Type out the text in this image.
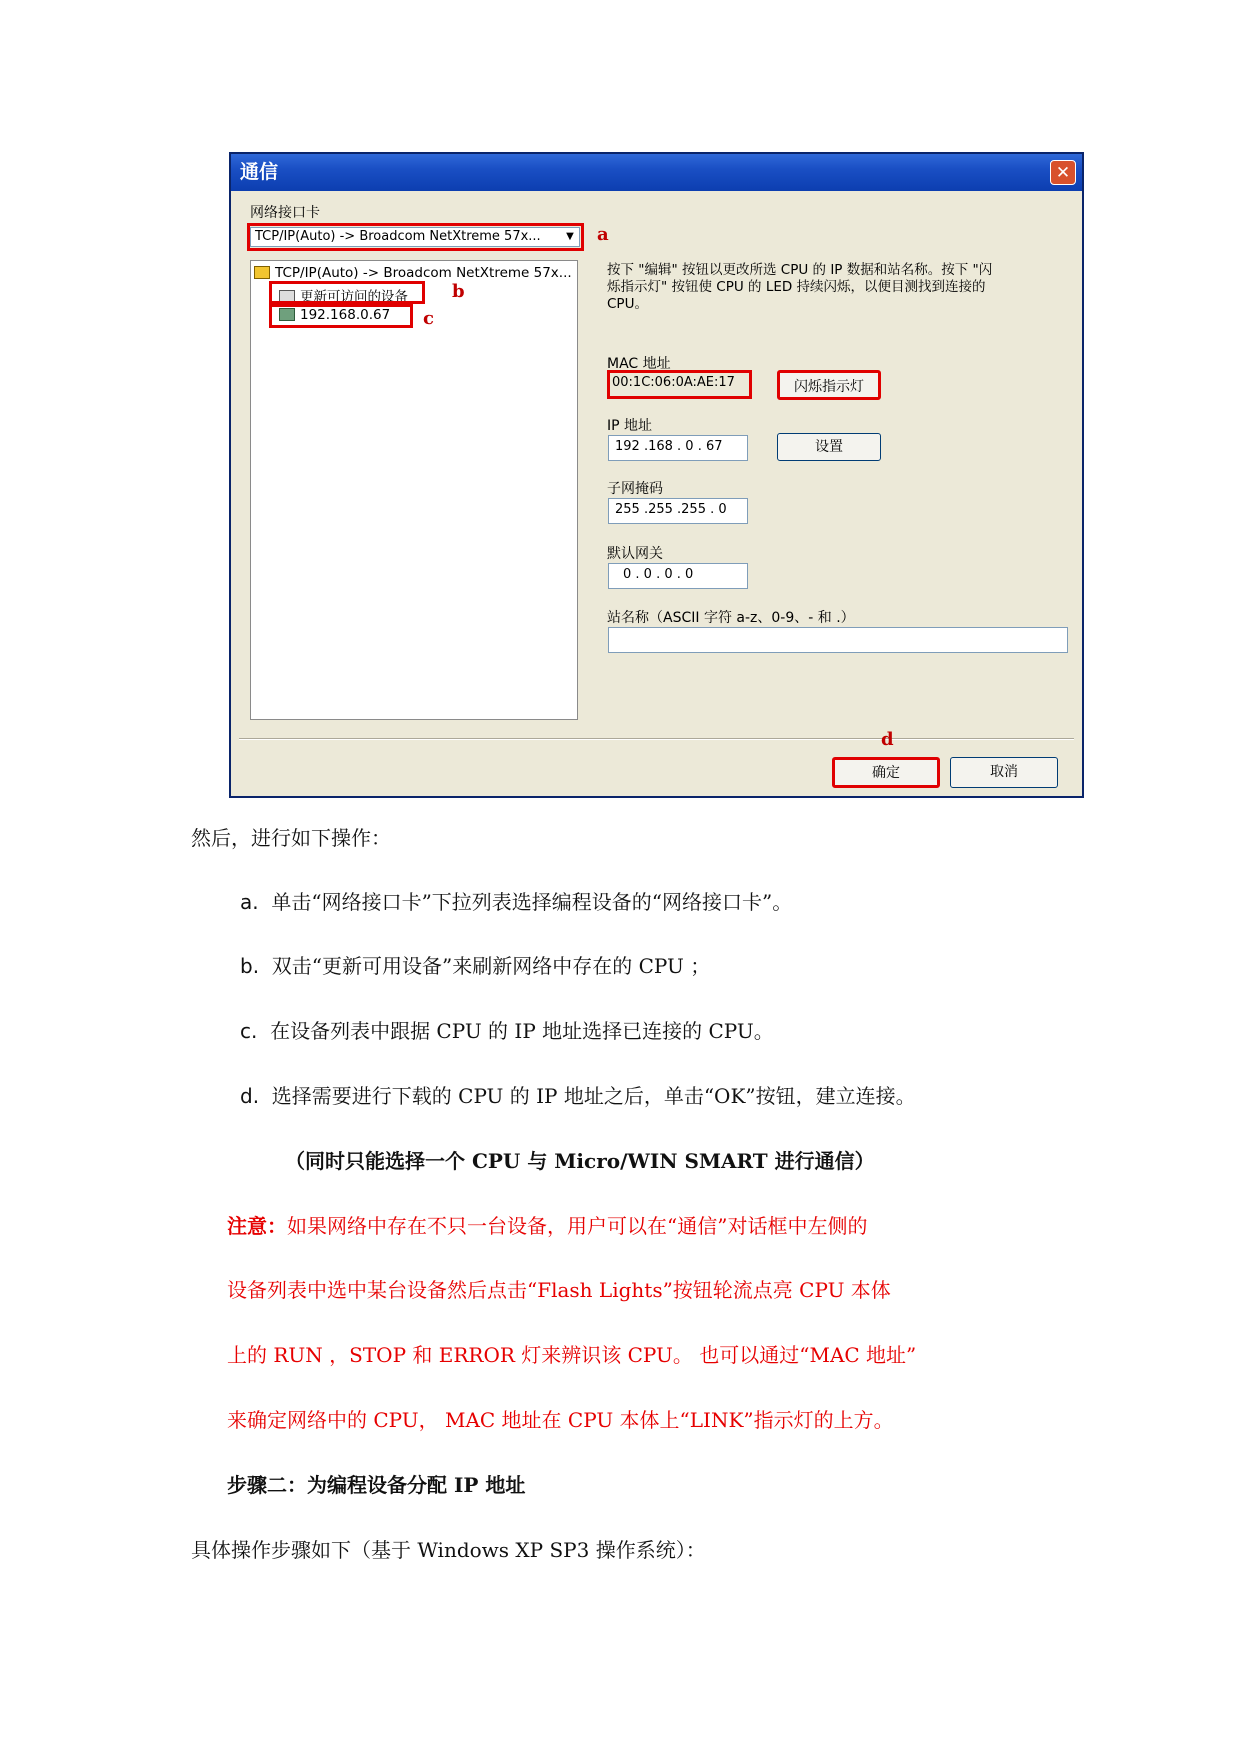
通信	✕
网络接口卡
TCP/IP(Auto) -> Broadcom NetXtreme 57x...	▼ a
TCP/IP(Auto) -> Broadcom NetXtreme 57x...
更新可访问的设备
192.168.0.67
b
c
按下 "编辑" 按钮以更改所选 CPU 的 IP 数据和站名称。按下 "闪
烁指示灯" 按钮使 CPU 的 LED 持续闪烁，以便目测找到连接的
CPU。
MAC 地址
00:1C:06:0A:AE:17	闪烁指示灯
IP 地址
192 .168 . 0 . 67	设置
子网掩码
255 .255 .255 . 0
默认网关
0 . 0 . 0 . 0
站名称（ASCII 字符 a-z、0-9、- 和 .）
d
确定	取消
然后，进行如下操作：
a. 单击“网络接口卡”下拉列表选择编程设备的“网络接口卡”。
b. 双击“更新可用设备”来刷新网络中存在的 CPU ；
c. 在设备列表中跟据 CPU 的 IP 地址选择已连接的 CPU。
d. 选择需要进行下载的 CPU 的 IP 地址之后，单击“OK”按钮，建立连接。
（同时只能选择一个 CPU 与 Micro/WIN SMART 进行通信）
注意：如果网络中存在不只一台设备，用户可以在“通信”对话框中左侧的
设备列表中选中某台设备然后点击“Flash Lights”按钮轮流点亮 CPU 本体
上的 RUN ，STOP 和 ERROR 灯来辨识该 CPU。 也可以通过“MAC 地址”
来确定网络中的 CPU， MAC 地址在 CPU 本体上“LINK”指示灯的上方。
步骤二：为编程设备分配 IP 地址
具体操作步骤如下（基于 Windows XP SP3 操作系统）：
